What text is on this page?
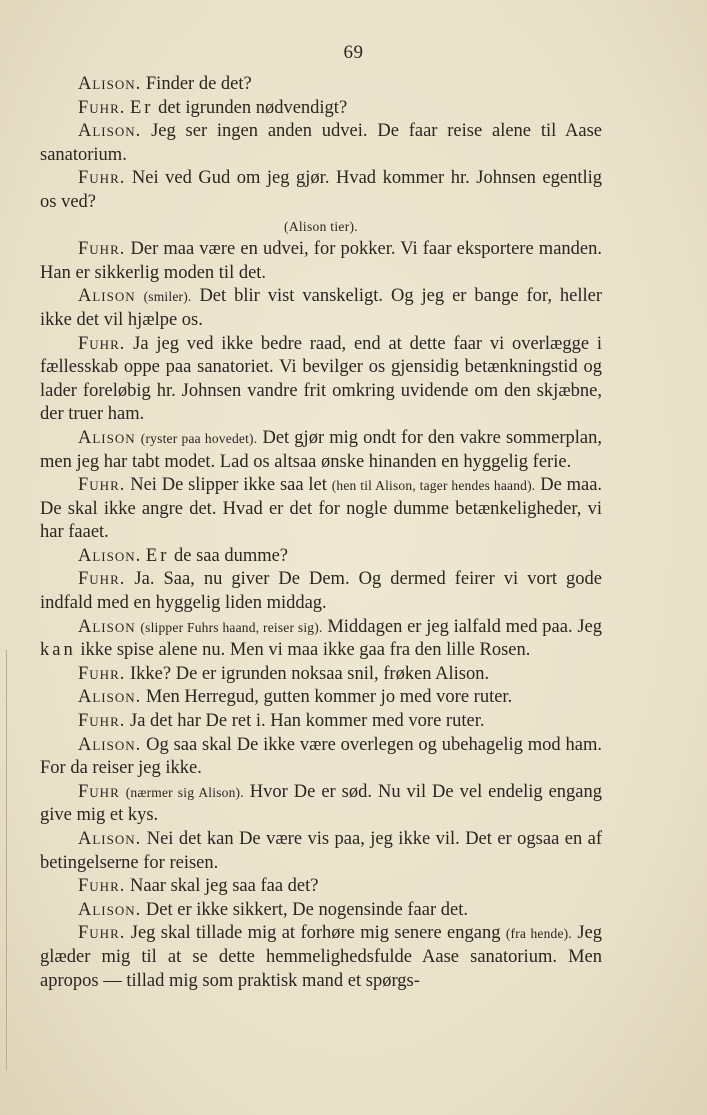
69

Alison. Finder de det?

Fuhr. Er det igrunden nødvendigt?

Alison. Jeg ser ingen anden udvei. De faar reise alene til Aase sanatorium.

Fuhr. Nei ved Gud om jeg gjør. Hvad kommer hr. Johnsen egentlig os ved?

(Alison tier).

Fuhr. Der maa være en udvei, for pokker. Vi faar eksportere manden. Han er sikkerlig moden til det.

Alison (smiler). Det blir vist vanskeligt. Og jeg er bange for, heller ikke det vil hjælpe os.

Fuhr. Ja jeg ved ikke bedre raad, end at dette faar vi overlægge i fællesskab oppe paa sanatoriet. Vi bevilger os gjensidig betænkningstid og lader foreløbig hr. Johnsen vandre frit omkring uvidende om den skjæbne, der truer ham.

Alison (ryster paa hovedet). Det gjør mig ondt for den vakre sommerplan, men jeg har tabt modet. Lad os altsaa ønske hinanden en hyggelig ferie.

Fuhr. Nei De slipper ikke saa let (hen til Alison, tager hendes haand). De maa. De skal ikke angre det. Hvad er det for nogle dumme betænkeligheder, vi har faaet.

Alison. Er de saa dumme?

Fuhr. Ja. Saa, nu giver De Dem. Og dermed feirer vi vort gode indfald med en hyggelig liden middag.

Alison (slipper Fuhrs haand, reiser sig). Middagen er jeg ialfald med paa. Jeg kan ikke spise alene nu. Men vi maa ikke gaa fra den lille Rosen.

Fuhr. Ikke? De er igrunden noksaa snil, frøken Alison.

Alison. Men Herregud, gutten kommer jo med vore ruter.

Fuhr. Ja det har De ret i. Han kommer med vore ruter.

Alison. Og saa skal De ikke være overlegen og ubehagelig mod ham. For da reiser jeg ikke.

Fuhr (nærmer sig Alison). Hvor De er sød. Nu vil De vel endelig engang give mig et kys.

Alison. Nei det kan De være vis paa, jeg ikke vil. Det er ogsaa en af betingelserne for reisen.

Fuhr. Naar skal jeg saa faa det?

Alison. Det er ikke sikkert, De nogensinde faar det.

Fuhr. Jeg skal tillade mig at forhøre mig senere engang (fra hende). Jeg glæder mig til at se dette hemmelighedsfulde Aase sanatorium. Men apropos — tillad mig som praktisk mand et spørgs-
